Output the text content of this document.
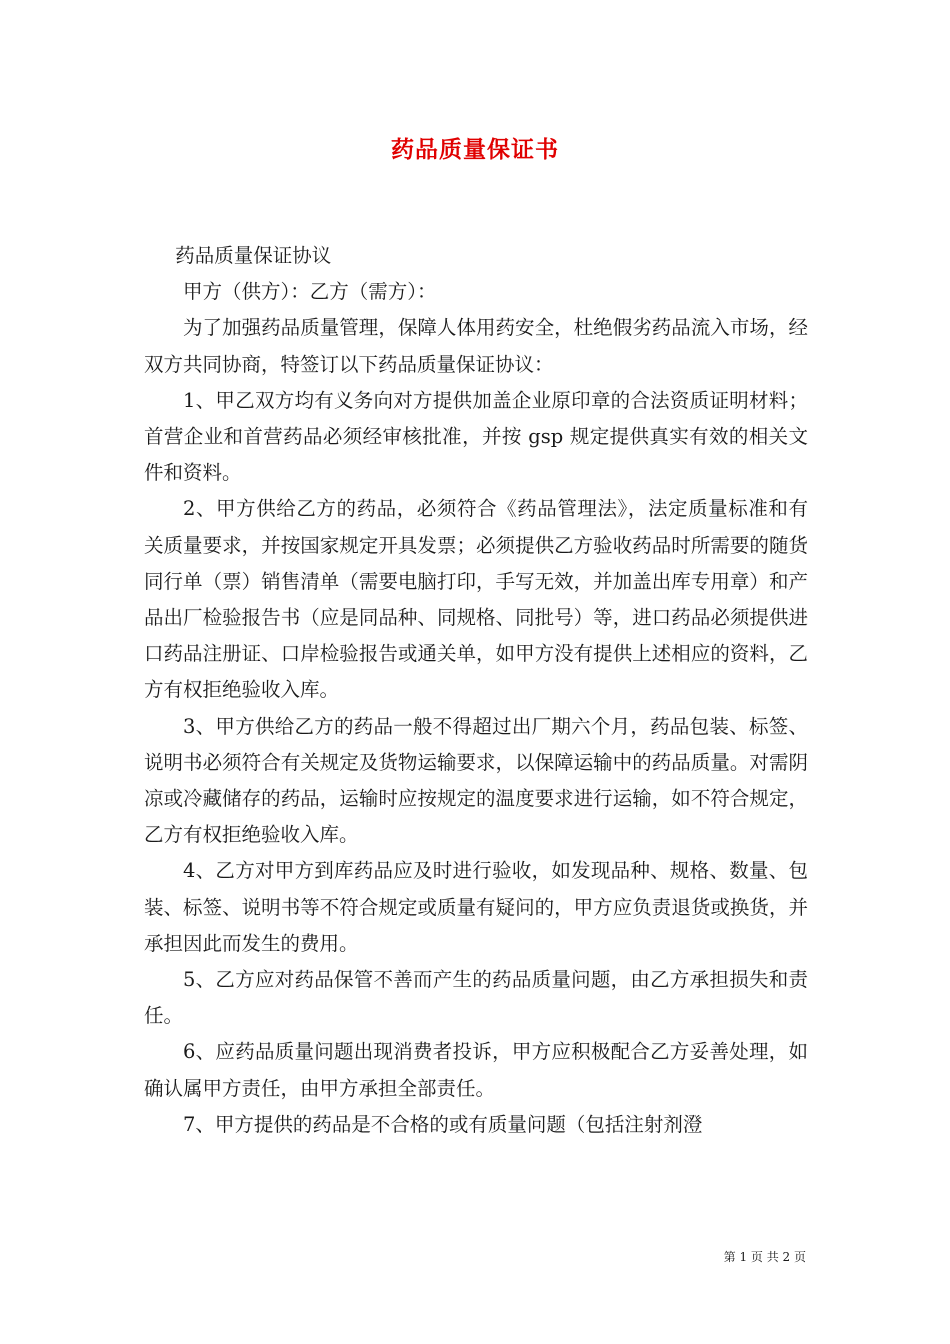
药品质量保证书

药品质量保证协议

甲方（供方）：乙方（需方）：

为了加强药品质量管理，保障人体用药安全，杜绝假劣药品流入市场，经双方共同协商，特签订以下药品质量保证协议：

1、甲乙双方均有义务向对方提供加盖企业原印章的合法资质证明材料；首营企业和首营药品必须经审核批准，并按 gsp 规定提供真实有效的相关文件和资料。

2、甲方供给乙方的药品，必须符合《药品管理法》，法定质量标准和有关质量要求，并按国家规定开具发票；必须提供乙方验收药品时所需要的随货同行单（票）销售清单（需要电脑打印，手写无效，并加盖出库专用章）和产品出厂检验报告书（应是同品种、同规格、同批号）等，进口药品必须提供进口药品注册证、口岸检验报告或通关单，如甲方没有提供上述相应的资料，乙方有权拒绝验收入库。

3、甲方供给乙方的药品一般不得超过出厂期六个月，药品包装、标签、说明书必须符合有关规定及货物运输要求，以保障运输中的药品质量。对需阴凉或冷藏储存的药品，运输时应按规定的温度要求进行运输，如不符合规定，乙方有权拒绝验收入库。

4、乙方对甲方到库药品应及时进行验收，如发现品种、规格、数量、包装、标签、说明书等不符合规定或质量有疑问的，甲方应负责退货或换货，并承担因此而发生的费用。

5、乙方应对药品保管不善而产生的药品质量问题，由乙方承担损失和责任。

6、应药品质量问题出现消费者投诉，甲方应积极配合乙方妥善处理，如确认属甲方责任，由甲方承担全部责任。

7、甲方提供的药品是不合格的或有质量问题（包括注射剂澄

第 1 页 共 2 页
